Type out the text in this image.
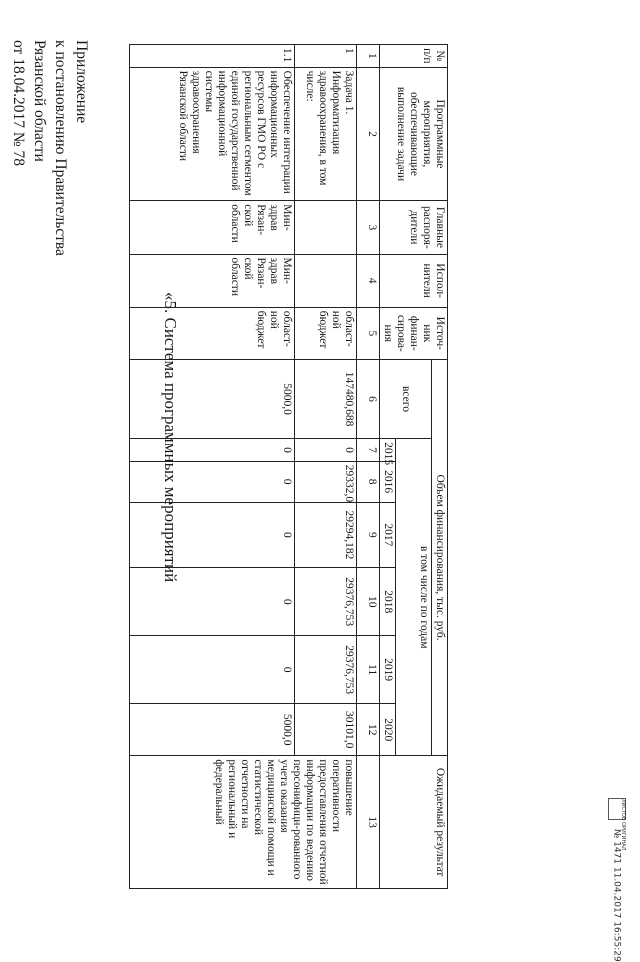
Приложение
к постановлению Правительства
Рязанской области
от 18.04.2017 № 78
«5. Система программных мероприятий
№ п/п	Программные мероприятия, обеспечивающие выполнение задачи	Главные распоря-дители	Испол-нители	Источ-ник финан-сирова-ния	Объем финансирования, тыс. руб.							Ожидаемый результат
					всего	в том числе по годам						
						2015	2016	2017	2018	2019	2020	
1	2	3	4	5	6	7	8	9	10	11	12	13
1	Задача 1. Информатизация здравоохранения, в том числе:			област-ной бюджет	147480,688	0	29332,0	29294,182	29376,753	29376,753	30101,0	повышение оперативности предоставления отчетной информации по ведению персонифици-рованного учета оказания медицинской помощи и статистической отчетности на региональный и федеральный
1.1	Обеспечение интеграции информационных ресурсов ГМО РО с региональным сегментом единой государственной информационной системы здравоохранения Рязанской области	Мин-здрав Рязан-ской области	Мин-здрав Рязан-ской области	област-ной бюджет	5000,0	0	0	0	0	0	5000,0	
ЛИСТОВ ОРИГИНАЛ № 1471 11.04.2017 16:55:29
